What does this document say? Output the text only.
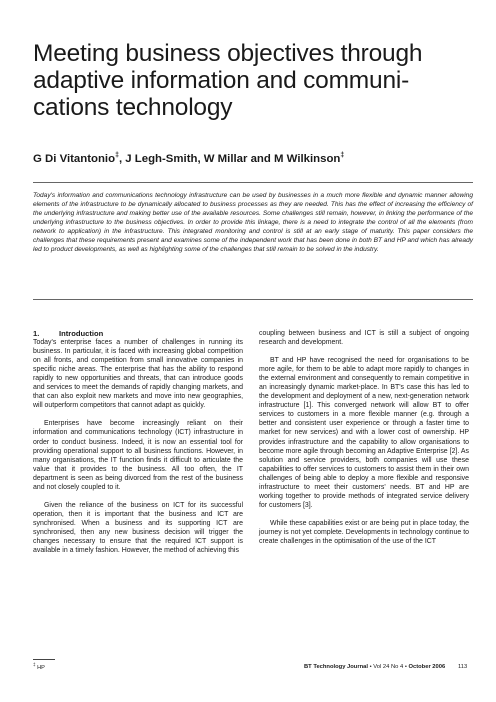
Meeting business objectives through adaptive information and communi-cations technology
G Di Vitantonio‡, J Legh-Smith, W Millar and M Wilkinson‡
Today's information and communications technology infrastructure can be used by businesses in a much more flexible and dynamic manner allowing elements of the infrastructure to be dynamically allocated to business processes as they are needed. This has the effect of increasing the efficiency of the underlying infrastructure and making better use of the available resources. Some challenges still remain, however, in linking the performance of the underlying infrastructure to the business objectives. In order to provide this linkage, there is a need to integrate the control of all the elements (from network to application) in the infrastructure. This integrated monitoring and control is still at an early stage of maturity. This paper considers the challenges that these requirements present and examines some of the independent work that has been done in both BT and HP and which has already led to product developments, as well as highlighting some of the challenges that still remain to be solved in the industry.
1.	Introduction

Today's enterprise faces a number of challenges in running its business. In particular, it is faced with increasing global competition on all fronts, and competition from small innovative companies in specific niche areas. The enterprise that has the ability to respond rapidly to new opportunities and threats, that can introduce goods and services to meet the demands of rapidly changing markets, and that can also exploit new markets and move into new geographies, will outperform competitors that cannot adapt as quickly.

Enterprises have become increasingly reliant on their information and communications technology (ICT) infrastructure in order to conduct business. Indeed, it is now an essential tool for providing operational support to all business functions. However, in many organisations, the IT function finds it difficult to articulate the value that it provides to the business. All too often, the IT department is seen as being divorced from the rest of the business and not closely coupled to it.

Given the reliance of the business on ICT for its successful operation, then it is important that the business and ICT are synchronised. When a business and its supporting ICT are synchronised, then any new business decision will trigger the changes necessary to ensure that the required ICT support is available in a timely fashion. However, the method of achieving this

coupling between business and ICT is still a subject of ongoing research and development.

BT and HP have recognised the need for organisations to be more agile, for them to be able to adapt more rapidly to changes in the external environment and consequently to remain competitive in an increasingly dynamic market-place. In BT's case this has led to the development and deployment of a new, next-generation network infrastructure [1]. This converged network will allow BT to offer services to customers in a more flexible manner (e.g. through a better and consistent user experience or through a faster time to market for new services) and with a lower cost of ownership. HP provides infrastructure and the capability to allow organisations to become more agile through becoming an Adaptive Enterprise [2]. As solution and service providers, both companies will use these capabilities to offer services to customers to assist them in their own challenges of being able to deploy a more flexible and responsive infrastructure to meet their customers' needs. BT and HP are working together to provide methods of integrated service delivery for customers [3].

While these capabilities exist or are being put in place today, the journey is not yet complete. Developments in technology continue to create challenges in the optimisation of the use of the ICT

‡ HP	BT Technology Journal • Vol 24 No 4 • October 2006 113
